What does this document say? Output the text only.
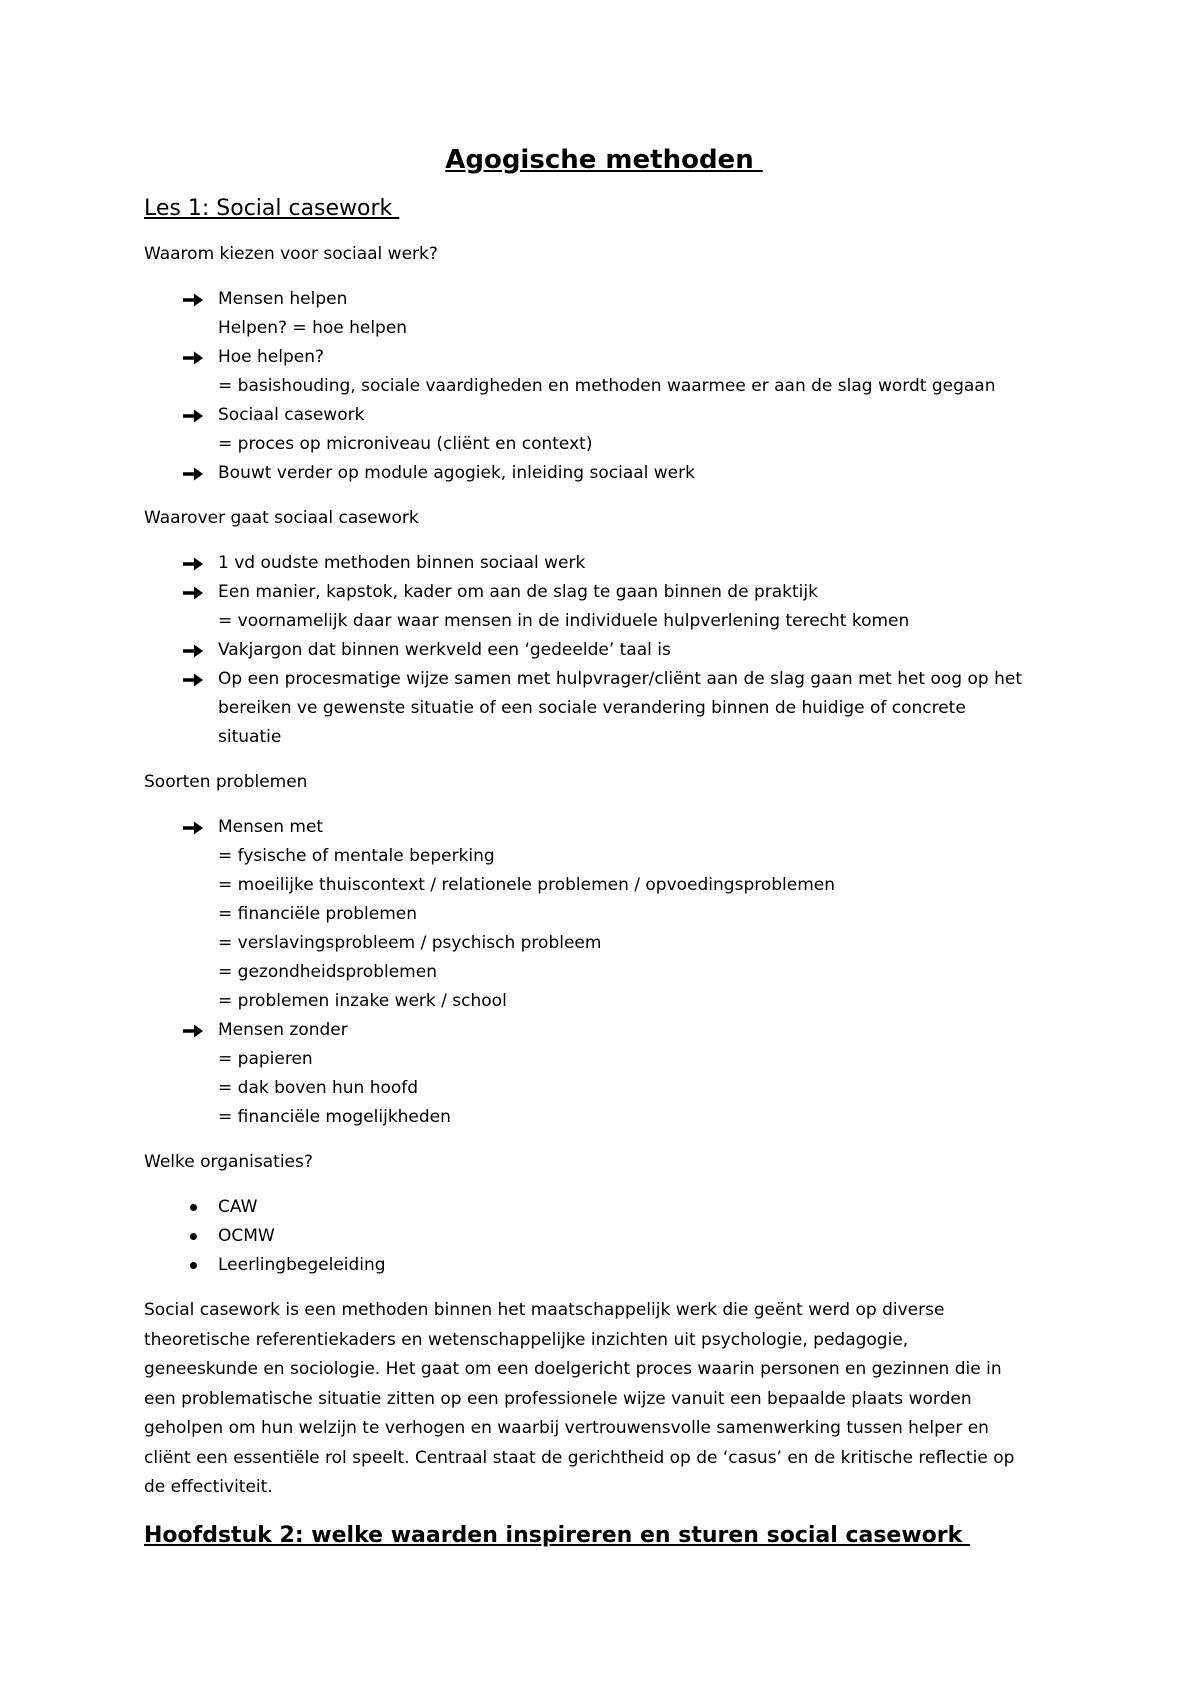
Agogische methoden
Les 1: Social casework

Waarom kiezen voor sociaal werk?

Mensen helpen
Helpen? = hoe helpen
Hoe helpen?
= basishouding, sociale vaardigheden en methoden waarmee er aan de slag wordt gegaan
Sociaal casework
= proces op microniveau (cliënt en context)
Bouwt verder op module agogiek, inleiding sociaal werk

Waarover gaat sociaal casework

1 vd oudste methoden binnen sociaal werk
Een manier, kapstok, kader om aan de slag te gaan binnen de praktijk
= voornamelijk daar waar mensen in de individuele hulpverlening terecht komen
Vakjargon dat binnen werkveld een ‘gedeelde’ taal is
Op een procesmatige wijze samen met hulpvrager/cliënt aan de slag gaan met het oog op het
bereiken ve gewenste situatie of een sociale verandering binnen de huidige of concrete
situatie

Soorten problemen

Mensen met
= fysische of mentale beperking
= moeilijke thuiscontext / relationele problemen / opvoedingsproblemen
= financiële problemen
= verslavingsprobleem / psychisch probleem
= gezondheidsproblemen
= problemen inzake werk / school
Mensen zonder
= papieren
= dak boven hun hoofd
= financiële mogelijkheden

Welke organisaties?

CAW
OCMW
Leerlingbegeleiding
Social casework is een methoden binnen het maatschappelijk werk die geënt werd op diverse
theoretische referentiekaders en wetenschappelijke inzichten uit psychologie, pedagogie,
geneeskunde en sociologie. Het gaat om een doelgericht proces waarin personen en gezinnen die in
een problematische situatie zitten op een professionele wijze vanuit een bepaalde plaats worden
geholpen om hun welzijn te verhogen en waarbij vertrouwensvolle samenwerking tussen helper en
cliënt een essentiële rol speelt. Centraal staat de gerichtheid op de ‘casus’ en de kritische reflectie op
de effectiviteit.
Hoofdstuk 2: welke waarden inspireren en sturen social casework
